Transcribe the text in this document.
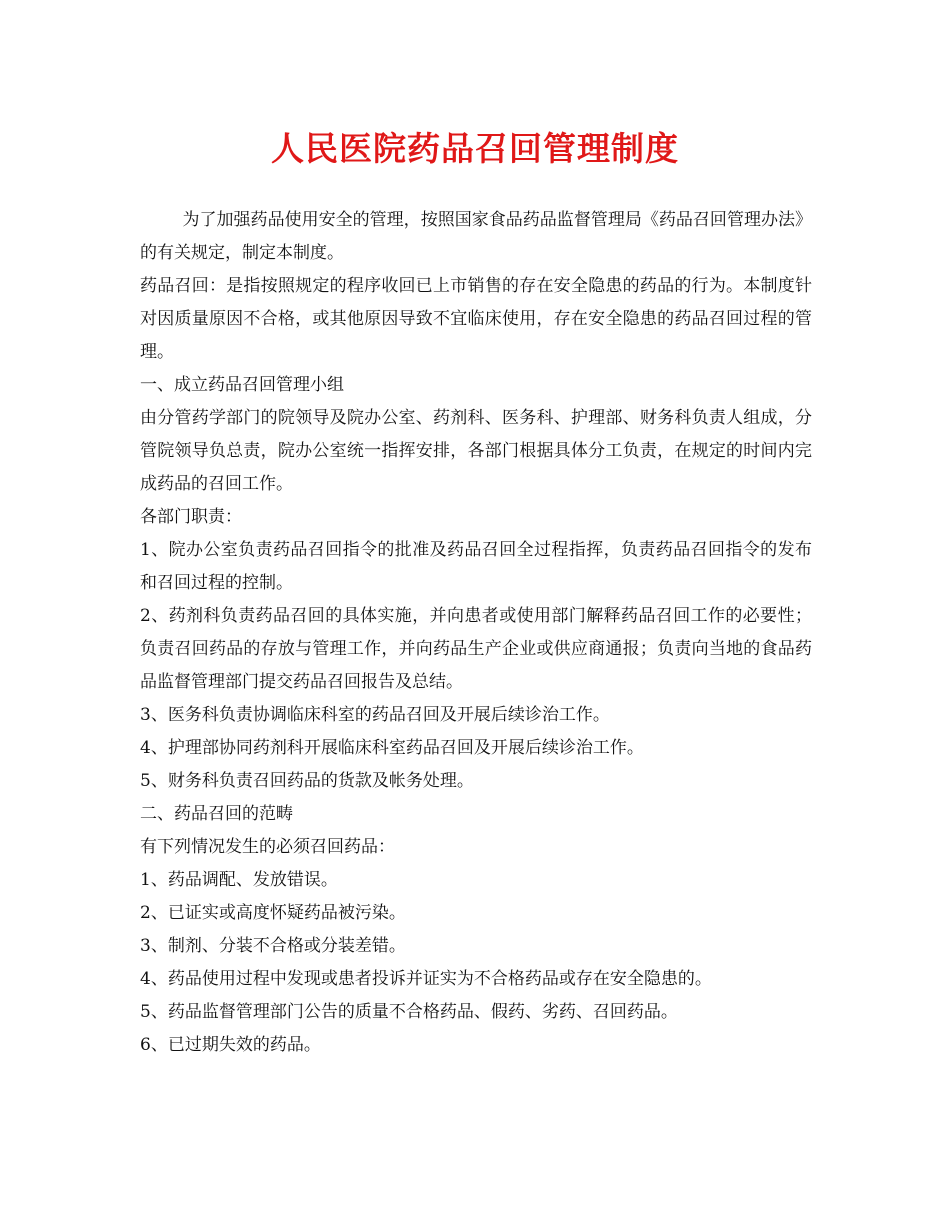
人民医院药品召回管理制度

为了加强药品使用安全的管理，按照国家食品药品监督管理局《药品召回管理办法》的有关规定，制定本制度。

药品召回：是指按照规定的程序收回已上市销售的存在安全隐患的药品的行为。本制度针对因质量原因不合格，或其他原因导致不宜临床使用，存在安全隐患的药品召回过程的管理。

一、成立药品召回管理小组

由分管药学部门的院领导及院办公室、药剂科、医务科、护理部、财务科负责人组成，分管院领导负总责，院办公室统一指挥安排，各部门根据具体分工负责，在规定的时间内完成药品的召回工作。

各部门职责：

1、院办公室负责药品召回指令的批准及药品召回全过程指挥，负责药品召回指令的发布和召回过程的控制。

2、药剂科负责药品召回的具体实施，并向患者或使用部门解释药品召回工作的必要性；负责召回药品的存放与管理工作，并向药品生产企业或供应商通报；负责向当地的食品药品监督管理部门提交药品召回报告及总结。

3、医务科负责协调临床科室的药品召回及开展后续诊治工作。

4、护理部协同药剂科开展临床科室药品召回及开展后续诊治工作。

5、财务科负责召回药品的货款及帐务处理。

二、药品召回的范畴

有下列情况发生的必须召回药品：

1、药品调配、发放错误。

2、已证实或高度怀疑药品被污染。

3、制剂、分装不合格或分装差错。

4、药品使用过程中发现或患者投诉并证实为不合格药品或存在安全隐患的。

5、药品监督管理部门公告的质量不合格药品、假药、劣药、召回药品。

6、已过期失效的药品。
